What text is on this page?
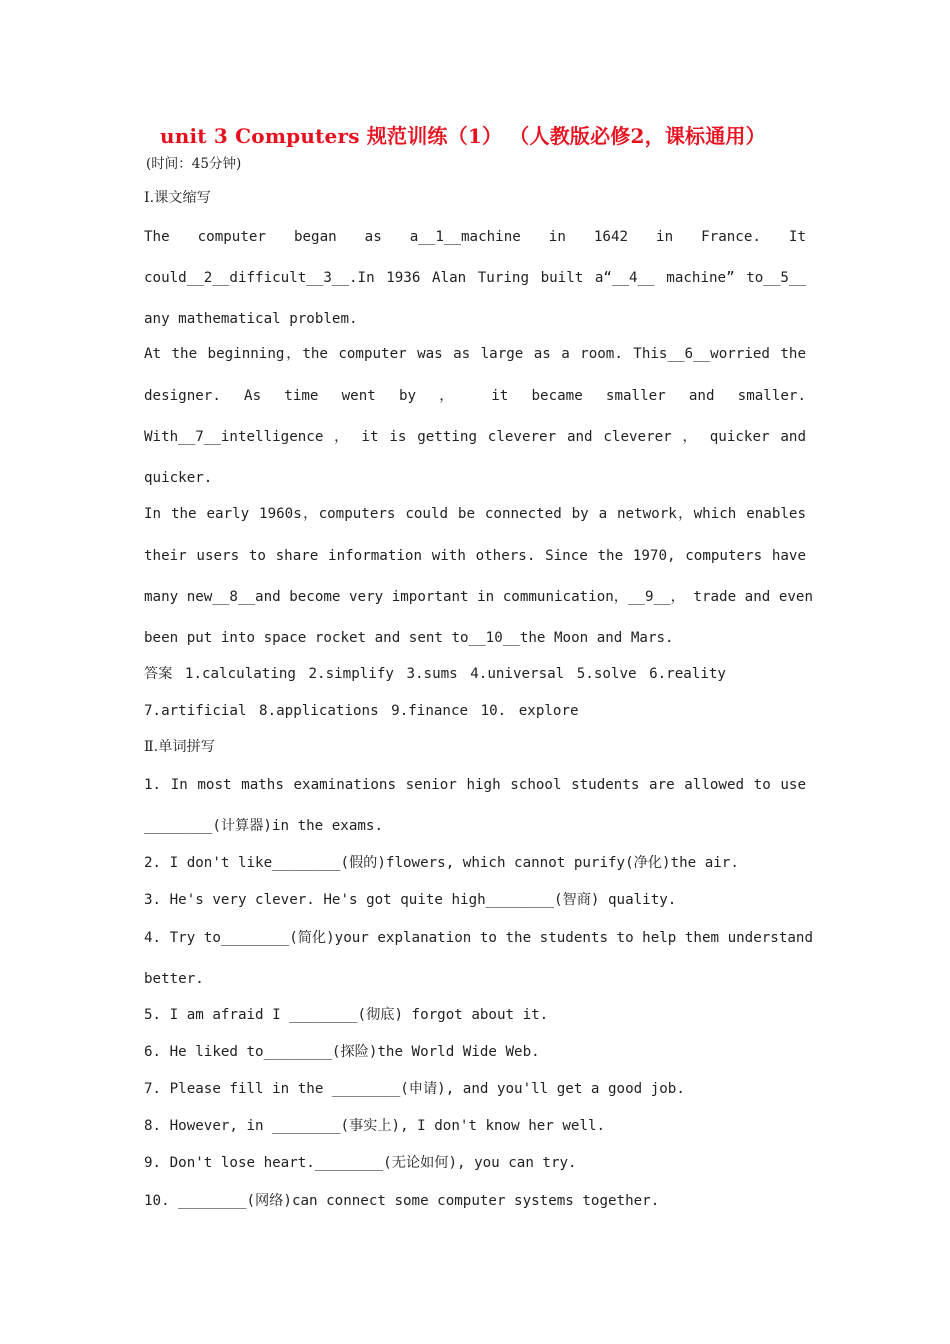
unit 3 Computers 规范训练（1） （人教版必修2，课标通用）
(时间：45分钟)
I.课文缩写
The computer began as a__1__machine in 1642 in France. It
could__2__difficult__3__.In 1936 Alan Turing built a“__4__ machine” to__5__
any mathematical problem.
At the beginning，the computer was as large as a room. This__6__worried the
designer. As time went by ， it became smaller and smaller.
With__7__intelligence ， it is getting cleverer and cleverer ， quicker and
quicker.
In the early 1960s，computers could be connected by a network，which enables
their users to share information with others. Since the 1970, computers have
many new__8__and become very important in communication，__9__， trade and even
been put into space rocket and sent to__10__the Moon and Mars.
答案 1.calculating 2.simplify 3.sums 4.universal 5.solve 6.reality
7.artificial 8.applications 9.finance 10. explore
Ⅱ.单词拼写
1. In most maths examinations senior high school students are allowed to use
________(计算器)in the exams.
2. I don't like________(假的)flowers, which cannot purify(净化)the air.
3. He's very clever. He's got quite high________(智商) quality.
4. Try to________(简化)your explanation to the students to help them understand
better.
5. I am afraid I ________(彻底) forgot about it.
6. He liked to________(探险)the World Wide Web.
7. Please fill in the ________(申请), and you'll get a good job.
8. However, in ________(事实上), I don't know her well.
9. Don't lose heart.________(无论如何), you can try.
10. ________(网络)can connect some computer systems together.
